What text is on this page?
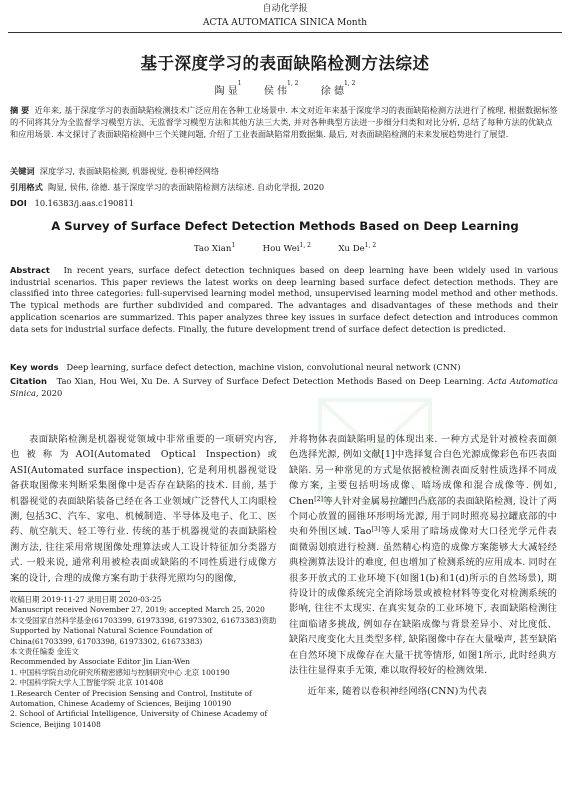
自动化学报
ACTA AUTOMATICA SINICA Month
基于深度学习的表面缺陷检测方法综述
陶 显$^1$       侯 伟$^{1, 2}$       徐 德$^{1, 2}$
摘 要 近年来, 基于深度学习的表面缺陷检测技术广泛应用在各种工业场景中. 本文对近年来基于深度学习的表面缺陷检测方法进行了梳理, 根据数据标签的不同将其分为全监督学习模型方法、无监督学习模型方法和其他方法三大类, 并对各种典型方法进一步细分归类和对比分析, 总结了每种方法的优缺点和应用场景. 本文探讨了表面缺陷检测中三个关键问题, 介绍了工业表面缺陷常用数据集. 最后, 对表面缺陷检测的未来发展趋势进行了展望.
关键词 深度学习, 表面缺陷检测, 机器视觉, 卷积神经网络
引用格式 陶显, 侯伟, 徐德. 基于深度学习的表面缺陷检测方法综述. 自动化学报, 2020
DOI 10.16383/j.aas.c190811
A Survey of Surface Defect Detection Methods Based on Deep Learning
Tao Xian$^1$	Hou Wei$^{1, 2}$	Xu De$^{1, 2}$
Abstract In recent years, surface defect detection techniques based on deep learning have been widely used in various industrial scenarios. This paper reviews the latest works on deep learning based surface defect detection methods. They are classified into three categories: full-supervised learning model method, unsupervised learning model method and other methods. The typical methods are further subdivided and compared. The advantages and disadvantages of these methods and their application scenarios are summarized. This paper analyzes three key issues in surface defect detection and introduces common data sets for industrial surface defects. Finally, the future development trend of surface defect detection is predicted.
Key words Deep learning, surface defect detection, machine vision, convolutional neural network (CNN)
Citation Tao Xian, Hou Wei, Xu De. A Survey of Surface Defect Detection Methods Based on Deep Learning. Acta Automatica Sinica, 2020
表面缺陷检测是机器视觉领域中非常重要的一项研究内容, 也被称为AOI(Automated Optical Inspection)或ASI(Automated surface inspection), 它是利用机器视觉设备获取图像来判断采集图像中是否存在缺陷的技术. 目前, 基于机器视觉的表面缺陷装备已经在各工业领域广泛替代人工肉眼检测, 包括3C、汽车、家电、机械制造、半导体及电子、化工、医药、航空航天、轻工等行业. 传统的基于机器视觉的表面缺陷检测方法, 往往采用常规图像处理算法或人工设计特征加分类器方式. 一般来说, 通常利用被检表面或缺陷的不同性质进行成像方案的设计, 合理的成像方案有助于获得光照均匀的图像,
收稿日期 2019-11-27 录用日期 2020-03-25
Manuscript received November 27, 2019; accepted March 25, 2020
本文受国家自然科学基金(61703399, 61973398, 61973302, 61673383)资助
Supported by National Natural Science Foundation of China(61703399, 61703398, 61973302, 61673383)
本文责任编委 金连文
Recommended by Associate Editor Jin Lian-Wen
1. 中国科学院自动化研究所精密感知与控制研究中心 北京 100190
2. 中国科学院大学人工智能学院 北京 101408
1.Research Center of Precision Sensing and Control, Institute of Automation, Chinese Academy of Sciences, Beijing 100190
2. School of Artificial Intelligence, University of Chinese Academy of Science, Beijing 101408
并将物体表面缺陷明显的体现出来. 一种方式是针对被检表面颜色选择光源, 例如文献[1]中选择复合白色光源成像彩色布匹表面缺陷. 另一种常见的方式是依据被检测表面反射性质选择不同成像方案, 主要包括明场成像、暗场成像和混合成像等. 例如, Chen[2]等人针对金属易拉罐凹凸底部的表面缺陷检测, 设计了两个同心放置的圆锥环形明场光源, 用于同时照亮易拉罐底部的中央和外围区域. Tao[3]等人采用了暗场成像对大口径光学元件表面微弱划痕进行检测. 虽然精心构造的成像方案能够大大减轻经典检测算法设计的难度, 但也增加了检测系统的应用成本. 同时在很多开放式的工业环境下(如图1(b)和1(d)所示的自然场景), 期待设计的成像系统完全消除场景或被检材料等变化对检测系统的影响, 往往不太现实. 在真实复杂的工业环境下, 表面缺陷检测往往面临诸多挑战, 例如存在缺陷成像与背景差异小、对比度低、缺陷尺度变化大且类型多样, 缺陷图像中存在大量噪声, 甚至缺陷在自然环境下成像存在大量干扰等情形, 如图1所示, 此时经典方法往往显得束手无策, 难以取得较好的检测效果.
近年来, 随着以卷积神经网络(CNN)为代表
